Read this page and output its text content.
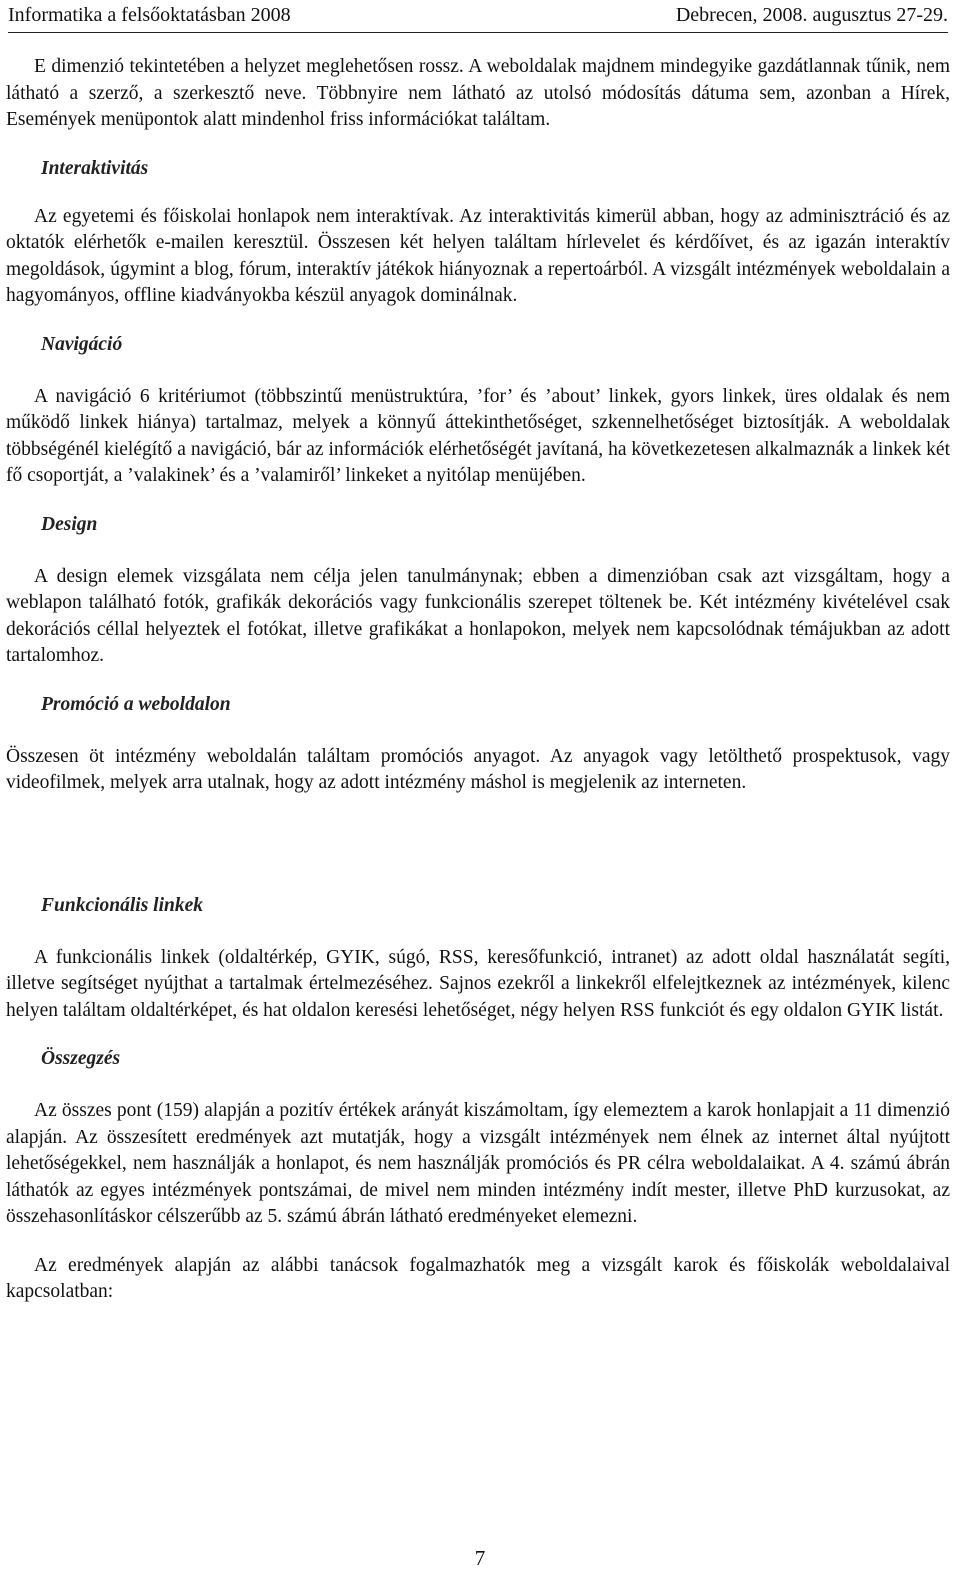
Informatika a felsőoktatásban 2008	Debrecen, 2008. augusztus 27-29.

E dimenzió tekintetében a helyzet meglehetősen rossz. A weboldalak majdnem mindegyike gazdátlannak tűnik, nem látható a szerző, a szerkesztő neve. Többnyire nem látható az utolsó módosítás dátuma sem, azonban a Hírek, Események menüpontok alatt mindenhol friss információkat találtam.

Interaktivitás

Az egyetemi és főiskolai honlapok nem interaktívak. Az interaktivitás kimerül abban, hogy az adminisztráció és az oktatók elérhetők e-mailen keresztül. Összesen két helyen találtam hírlevelet és kérdőívet, és az igazán interaktív megoldások, úgymint a blog, fórum, interaktív játékok hiányoznak a repertoárból. A vizsgált intézmények weboldalain a hagyományos, offline kiadványokba készül anyagok dominálnak.

Navigáció

A navigáció 6 kritériumot (többszintű menüstruktúra, ’for’ és ’about’ linkek, gyors linkek, üres oldalak és nem működő linkek hiánya) tartalmaz, melyek a könnyű áttekinthetőséget, szkennelhetőséget biztosítják. A weboldalak többségénél kielégítő a navigáció, bár az információk elérhetőségét javítaná, ha következetesen alkalmaznák a linkek két fő csoportját, a ’valakinek’ és a ’valamiről’ linkeket a nyitólap menüjében.

Design

A design elemek vizsgálata nem célja jelen tanulmánynak; ebben a dimenzióban csak azt vizsgáltam, hogy a weblapon található fotók, grafikák dekorációs vagy funkcionális szerepet töltenek be. Két intézmény kivételével csak dekorációs céllal helyeztek el fotókat, illetve grafikákat a honlapokon, melyek nem kapcsolódnak témájukban az adott tartalomhoz.

Promóció a weboldalon

Összesen öt intézmény weboldalán találtam promóciós anyagot. Az anyagok vagy letölthető prospektusok, vagy videofilmek, melyek arra utalnak, hogy az adott intézmény máshol is megjelenik az interneten.

Funkcionális linkek

A funkcionális linkek (oldaltérkép, GYIK, súgó, RSS, keresőfunkció, intranet) az adott oldal használatát segíti, illetve segítséget nyújthat a tartalmak értelmezéséhez. Sajnos ezekről a linkekről elfelejtkeznek az intézmények, kilenc helyen találtam oldaltérképet, és hat oldalon keresési lehetőséget, négy helyen RSS funkciót és egy oldalon GYIK listát.

Összegzés

Az összes pont (159) alapján a pozitív értékek arányát kiszámoltam, így elemeztem a karok honlapjait a 11 dimenzió alapján. Az összesített eredmények azt mutatják, hogy a vizsgált intézmények nem élnek az internet által nyújtott lehetőségekkel, nem használják a honlapot, és nem használják promóciós és PR célra weboldalaikat. A 4. számú ábrán láthatók az egyes intézmények pontszámai, de mivel nem minden intézmény indít mester, illetve PhD kurzusokat, az összehasonlításkor célszerűbb az 5. számú ábrán látható eredményeket elemezni.

Az eredmények alapján az alábbi tanácsok fogalmazhatók meg a vizsgált karok és főiskolák weboldalaival kapcsolatban:

7
